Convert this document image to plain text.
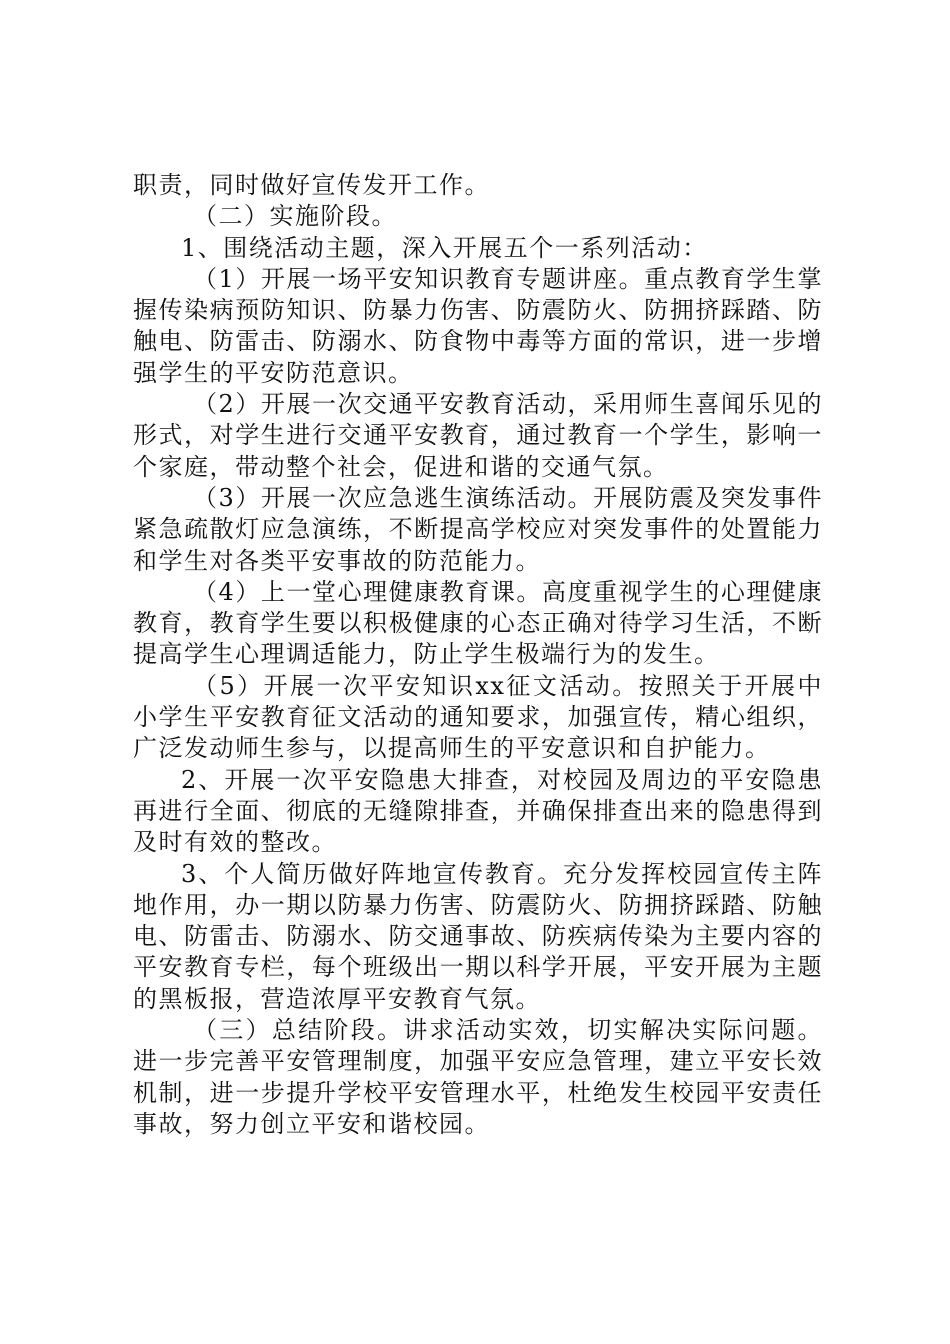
职责，同时做好宣传发开工作。

（二）实施阶段。

1、围绕活动主题，深入开展五个一系列活动：

（1）开展一场平安知识教育专题讲座。重点教育学生掌握传染病预防知识、防暴力伤害、防震防火、防拥挤踩踏、防触电、防雷击、防溺水、防食物中毒等方面的常识，进一步增强学生的平安防范意识。

（2）开展一次交通平安教育活动，采用师生喜闻乐见的形式，对学生进行交通平安教育，通过教育一个学生，影响一个家庭，带动整个社会，促进和谐的交通气氛。

（3）开展一次应急逃生演练活动。开展防震及突发事件紧急疏散灯应急演练，不断提高学校应对突发事件的处置能力和学生对各类平安事故的防范能力。

（4）上一堂心理健康教育课。高度重视学生的心理健康教育，教育学生要以积极健康的心态正确对待学习生活，不断提高学生心理调适能力，防止学生极端行为的发生。

（5）开展一次平安知识xx征文活动。按照关于开展中小学生平安教育征文活动的通知要求，加强宣传，精心组织，广泛发动师生参与，以提高师生的平安意识和自护能力。

2、开展一次平安隐患大排查，对校园及周边的平安隐患再进行全面、彻底的无缝隙排查，并确保排查出来的隐患得到及时有效的整改。

3、个人简历做好阵地宣传教育。充分发挥校园宣传主阵地作用，办一期以防暴力伤害、防震防火、防拥挤踩踏、防触电、防雷击、防溺水、防交通事故、防疾病传染为主要内容的平安教育专栏，每个班级出一期以科学开展，平安开展为主题的黑板报，营造浓厚平安教育气氛。

（三）总结阶段。讲求活动实效，切实解决实际问题。进一步完善平安管理制度，加强平安应急管理，建立平安长效机制，进一步提升学校平安管理水平，杜绝发生校园平安责任事故，努力创立平安和谐校园。
